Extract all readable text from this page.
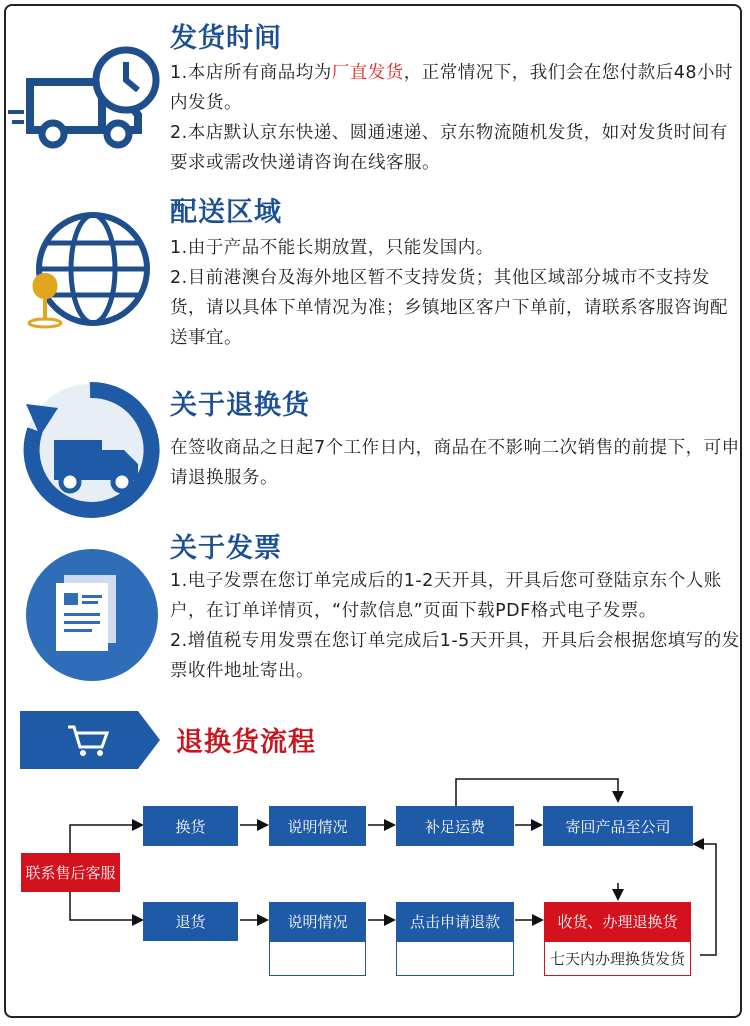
发货时间
1.本店所有商品均为厂直发货，正常情况下，我们会在您付款后48小时内发货。
2.本店默认京东快递、圆通速递、京东物流随机发货，如对发货时间有要求或需改快递请咨询在线客服。
配送区域
1.由于产品不能长期放置，只能发国内。
2.目前港澳台及海外地区暂不支持发货；其他区域部分城市不支持发货，请以具体下单情况为准；乡镇地区客户下单前，请联系客服咨询配送事宜。
关于退换货
在签收商品之日起7个工作日内，商品在不影响二次销售的前提下，可申请退换服务。
关于发票
1.电子发票在您订单完成后的1-2天开具，开具后您可登陆京东个人账户，在订单详情页，“付款信息”页面下载PDF格式电子发票。
2.增值税专用发票在您订单完成后1-5天开具，开具后会根据您填写的发票收件地址寄出。
退换货流程
联系售后客服
换货	说明情况	补足运费	寄回产品至公司
退货	说明情况	点击申请退款	收货、办理退换货
七天内办理换货发货
